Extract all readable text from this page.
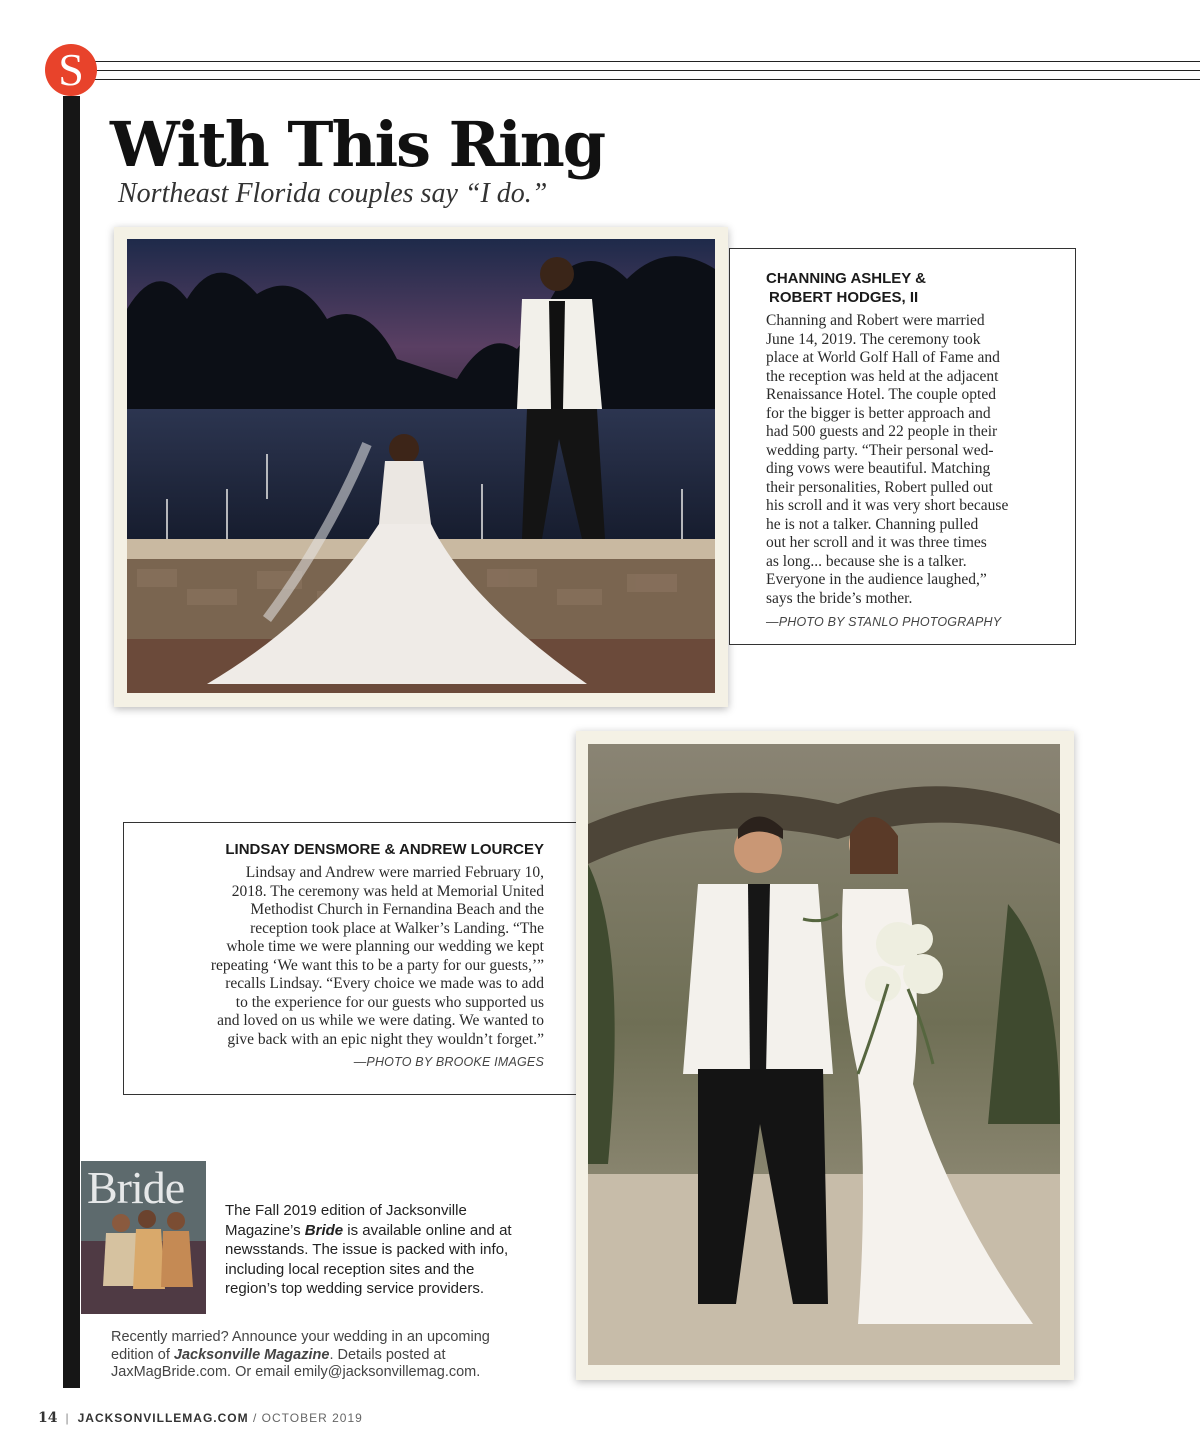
S
With This Ring

Northeast Florida couples say “I do.”

CHANNING ASHLEY &

ROBERT HODGES, II

Channing and Robert were married

June 14, 2019. The ceremony took

place at World Golf Hall of Fame and

the reception was held at the adjacent

Renaissance Hotel. The couple opted

for the bigger is better approach and

had 500 guests and 22 people in their

wedding party. “Their personal wed-

ding vows were beautiful. Matching

their personalities, Robert pulled out

his scroll and it was very short because

he is not a talker. Channing pulled

out her scroll and it was three times

as long... because she is a talker.

Everyone in the audience laughed,”

says the bride’s mother.

—PHOTO BY STANLO PHOTOGRAPHY

LINDSAY DENSMORE & ANDREW LOURCEY

Lindsay and Andrew were married February 10,

2018. The ceremony was held at Memorial United

Methodist Church in Fernandina Beach and the

reception took place at Walker’s Landing. “The

whole time we were planning our wedding we kept

repeating ‘We want this to be a party for our guests,’”

recalls Lindsay. “Every choice we made was to add

to the experience for our guests who supported us

and loved on us while we were dating. We wanted to

give back with an epic night they wouldn’t forget.”

—PHOTO BY BROOKE IMAGES

Bride	The Fall 2019 edition of Jacksonville Magazine’s Bride is available online and at newsstands. The issue is packed with info, including local reception sites and the region’s top wedding service providers.
Recently married? Announce your wedding in an upcoming edition of Jacksonville Magazine. Details posted at JaxMagBride.com. Or email emily@jacksonvillemag.com.
14 | JACKSONVILLEMAG.COM / OCTOBER 2019
